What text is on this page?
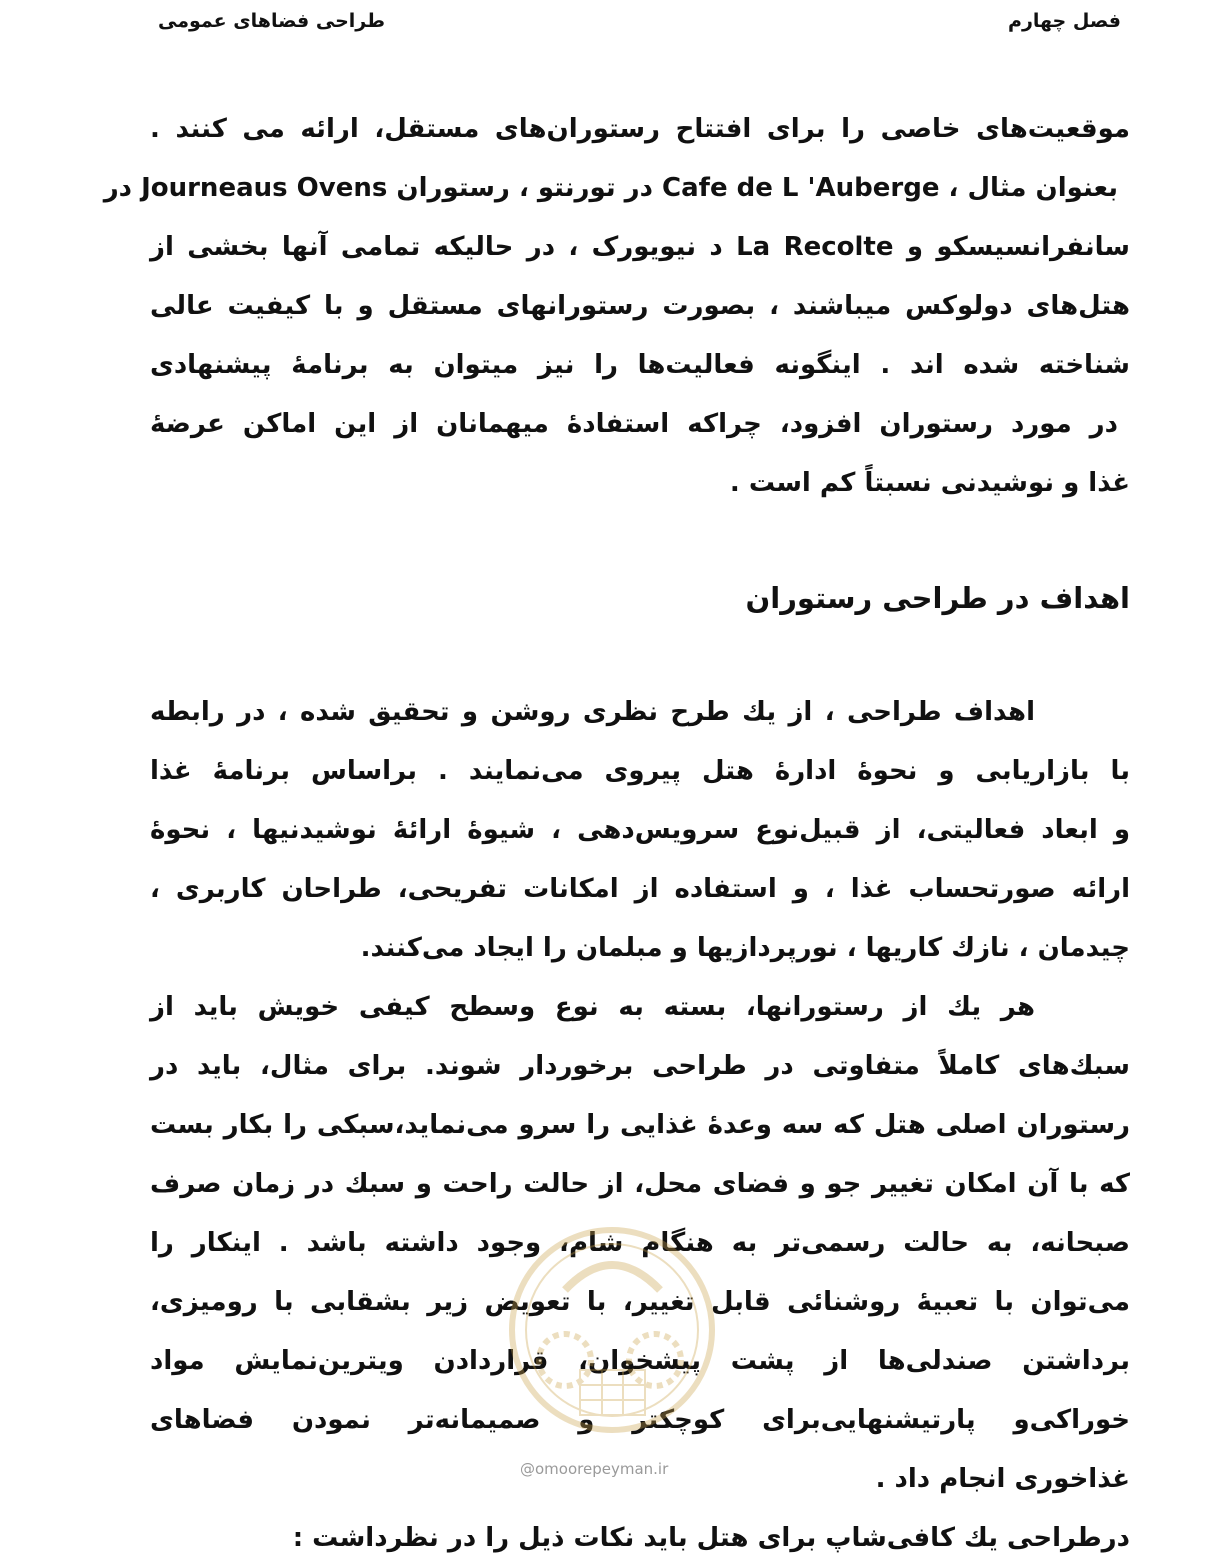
طراحی فضاهای عمومی	فصل چهارم
موقعیت‌های خاصی را برای افتتاح رستوران‌های مستقل، ارائه می کنند .
بعنوان مثال ، Cafe de L 'Auberge در تورنتو ، رستوران Journeaus Ovens در
سانفرانسیسکو و La Recolte د نیویورک ، در حالیکه تمامی آنها بخشی از
هتل‌های دولوکس میباشند ، بصورت رستورانهای مستقل و با کیفیت عالی
شناخته شده اند . اینگونه فعالیت‌ها را نیز میتوان به برنامهٔ پیشنهادی
در مورد رستوران افزود، چراکه استفادهٔ میهمانان از این اماکن عرضهٔ
غذا و نوشیدنی نسبتاً کم است .
اهداف در طراحی رستوران
اهداف طراحی ، از یك طرح نظری روشن و تحقیق شده ، در رابطه
با بازاریابی و نحوهٔ ادارهٔ هتل پیروی می‌نمایند . براساس برنامهٔ غذا
و ابعاد فعالیتی، از قبیل‌نوع سرویس‌دهی ، شیوهٔ ارائهٔ نوشیدنیها ، نحوهٔ
ارائه صورتحساب غذا ، و استفاده از امکانات تفریحی، طراحان کاربری ،
چیدمان ، نازك کاریها ، نورپردازیها و مبلمان را ایجاد می‌کنند.
هر یك از رستورانها، بسته به نوع وسطح کیفی خویش باید از
سبك‌های کاملاً متفاوتی در طراحی برخوردار شوند. برای مثال، باید در
رستوران اصلی هتل که سه وعدهٔ غذایی را سرو می‌نماید،سبکی را بکار بست
که با آن امکان تغییر جو و فضای محل، از حالت راحت و سبك در زمان صرف
صبحانه، به حالت رسمی‌تر به هنگام شام، وجود داشته باشد . اینکار را
می‌توان با تعبیهٔ روشنائی قابل تغییر، با تعویض زیر بشقابی با رومیزی،
برداشتن صندلی‌ها از پشت پیشخوان، قراردادن ویترین‌نمایش مواد
خوراکی‌و پارتیشنهایی‌برای کوچکتر و صمیمانه‌تر نمودن فضاهای
غذاخوری انجام داد .
درطراحی یك کافی‌شاپ برای هتل باید نکات ذیل را در نظرداشت :
@omoorepeyman.ir
